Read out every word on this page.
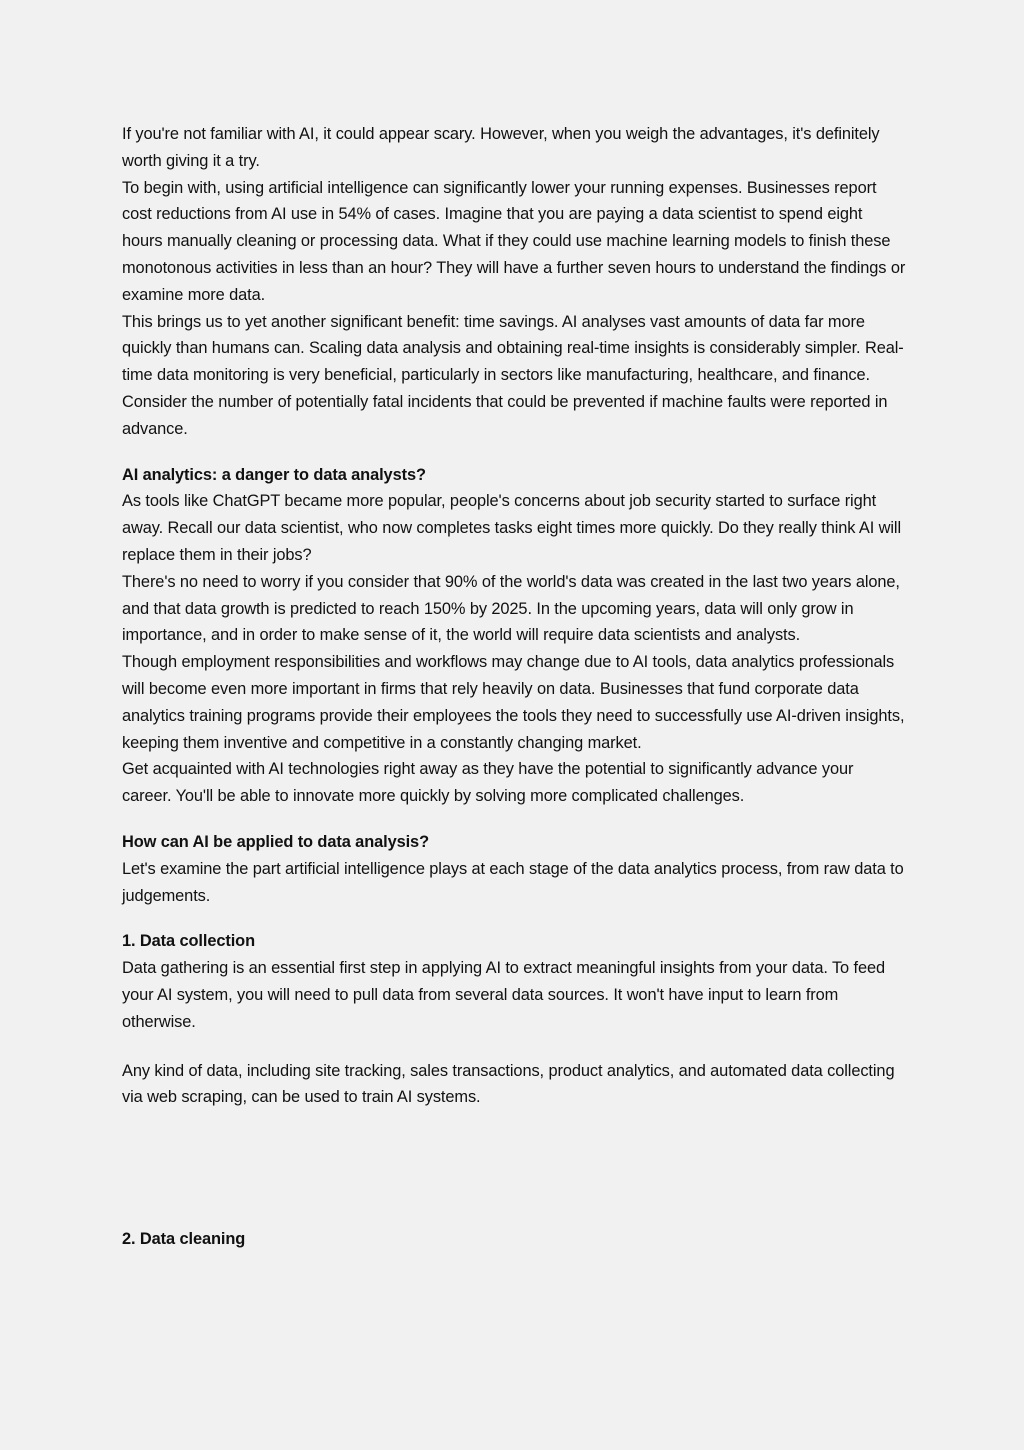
If you're not familiar with AI, it could appear scary. However, when you weigh the advantages, it's definitely worth giving it a try.

To begin with, using artificial intelligence can significantly lower your running expenses. Businesses report cost reductions from AI use in 54% of cases. Imagine that you are paying a data scientist to spend eight hours manually cleaning or processing data. What if they could use machine learning models to finish these monotonous activities in less than an hour? They will have a further seven hours to understand the findings or examine more data.

This brings us to yet another significant benefit: time savings. AI analyses vast amounts of data far more quickly than humans can. Scaling data analysis and obtaining real-time insights is considerably simpler. Real-time data monitoring is very beneficial, particularly in sectors like manufacturing, healthcare, and finance. Consider the number of potentially fatal incidents that could be prevented if machine faults were reported in advance.

AI analytics: a danger to data analysts?

As tools like ChatGPT became more popular, people's concerns about job security started to surface right away. Recall our data scientist, who now completes tasks eight times more quickly. Do they really think AI will replace them in their jobs?

There's no need to worry if you consider that 90% of the world's data was created in the last two years alone, and that data growth is predicted to reach 150% by 2025. In the upcoming years, data will only grow in importance, and in order to make sense of it, the world will require data scientists and analysts.

Though employment responsibilities and workflows may change due to AI tools, data analytics professionals will become even more important in firms that rely heavily on data. Businesses that fund corporate data analytics training programs provide their employees the tools they need to successfully use AI-driven insights, keeping them inventive and competitive in a constantly changing market.

Get acquainted with AI technologies right away as they have the potential to significantly advance your career. You'll be able to innovate more quickly by solving more complicated challenges.

How can AI be applied to data analysis?

Let's examine the part artificial intelligence plays at each stage of the data analytics process, from raw data to judgements.

1. Data collection

Data gathering is an essential first step in applying AI to extract meaningful insights from your data. To feed your AI system, you will need to pull data from several data sources. It won't have input to learn from otherwise.

Any kind of data, including site tracking, sales transactions, product analytics, and automated data collecting via web scraping, can be used to train AI systems.

2. Data cleaning
